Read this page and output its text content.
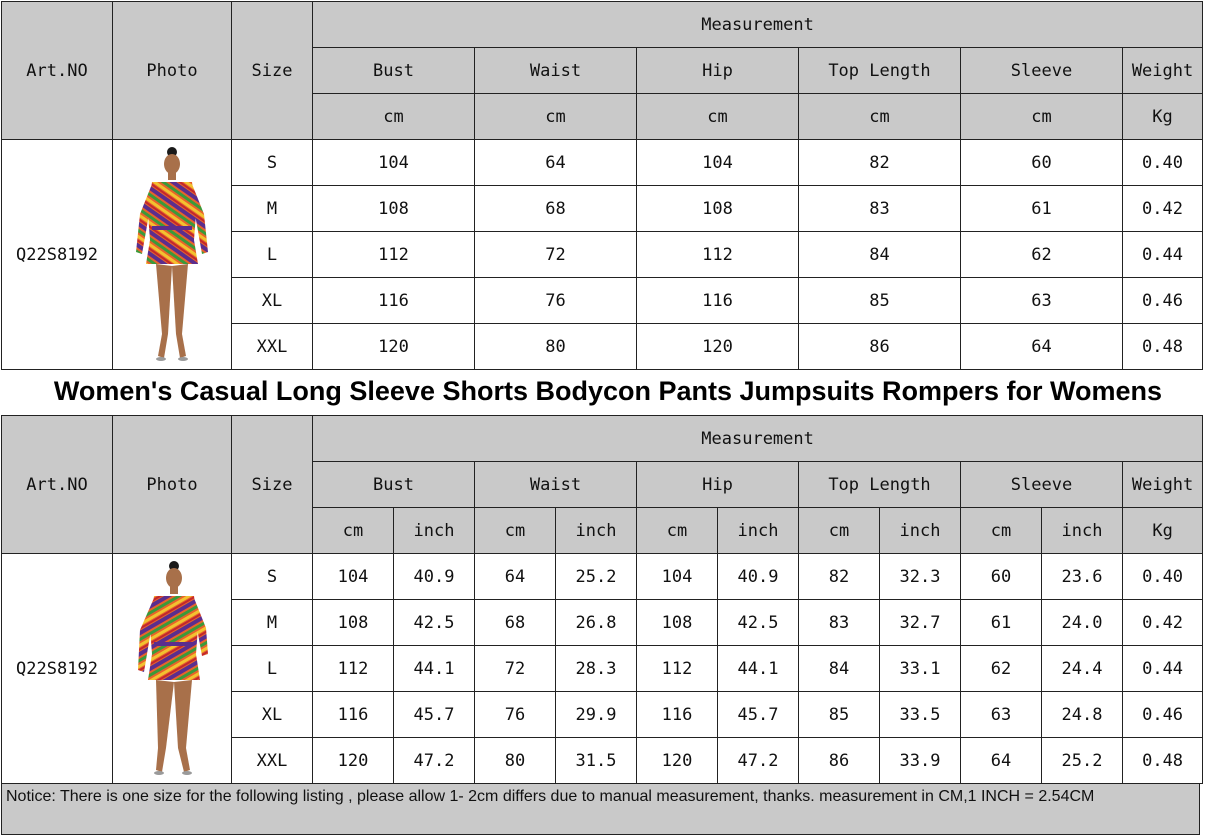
Art.NO	Photo	Size	Measurement					
			Bust	Waist	Hip	Top Length	Sleeve	Weight
			cm	cm	cm	cm	cm	Kg
Q22S8192		S	104	64	104	82	60	0.40
		M	108	68	108	83	61	0.42
		L	112	72	112	84	62	0.44
		XL	116	76	116	85	63	0.46
		XXL	120	80	120	86	64	0.48
Women's Casual Long Sleeve Shorts Bodycon Pants Jumpsuits Rompers for Womens
Art.NO	Photo	Size	Measurement										
			Bust		Waist		Hip		Top Length		Sleeve		Weight
			cm	inch	cm	inch	cm	inch	cm	inch	cm	inch	Kg
Q22S8192		S	104	40.9	64	25.2	104	40.9	82	32.3	60	23.6	0.40
		M	108	42.5	68	26.8	108	42.5	83	32.7	61	24.0	0.42
		L	112	44.1	72	28.3	112	44.1	84	33.1	62	24.4	0.44
		XL	116	45.7	76	29.9	116	45.7	85	33.5	63	24.8	0.46
		XXL	120	47.2	80	31.5	120	47.2	86	33.9	64	25.2	0.48
Notice: There is one size for the following listing , please allow 1- 2cm differs due to manual measurement, thanks. measurement in CM,1 INCH = 2.54CM
